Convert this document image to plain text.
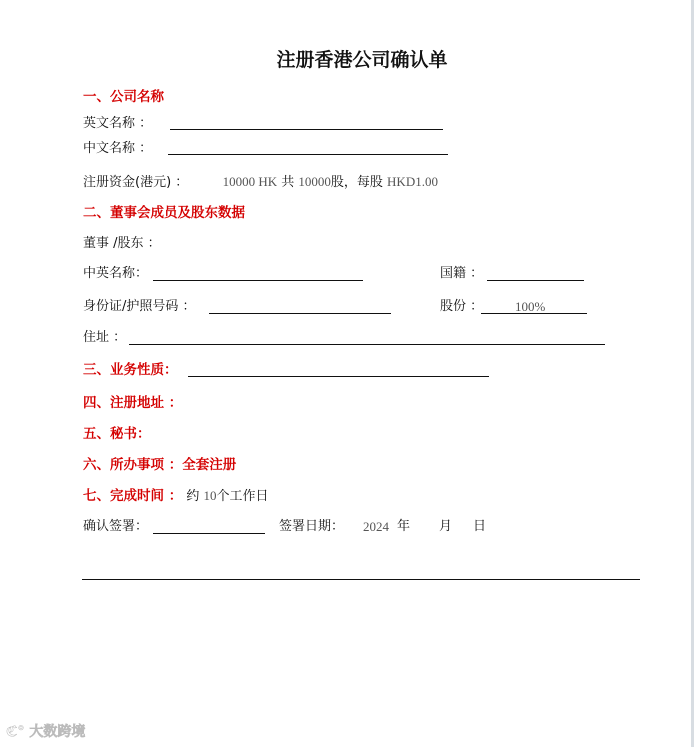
注册香港公司确认单
一、公司名称
英文名称 ：
中文名称 ：
注册资金(港元) ：	10000 HK 共 10000股，每股 HKD1.00
二、董事会成员及股东数据
董事 /股东 ：
中英名称：	国籍 ：
身份证/护照号码 ：	股份 ： 100%
住址 ：
三、业务性质：
四、注册地址 ：
五、秘书：
六、所办事项 ：全套注册
七、完成时间 ： 约 10个工作日
确认签署：	签署日期： 2024 年 月 日
ℭ° 大数跨境
